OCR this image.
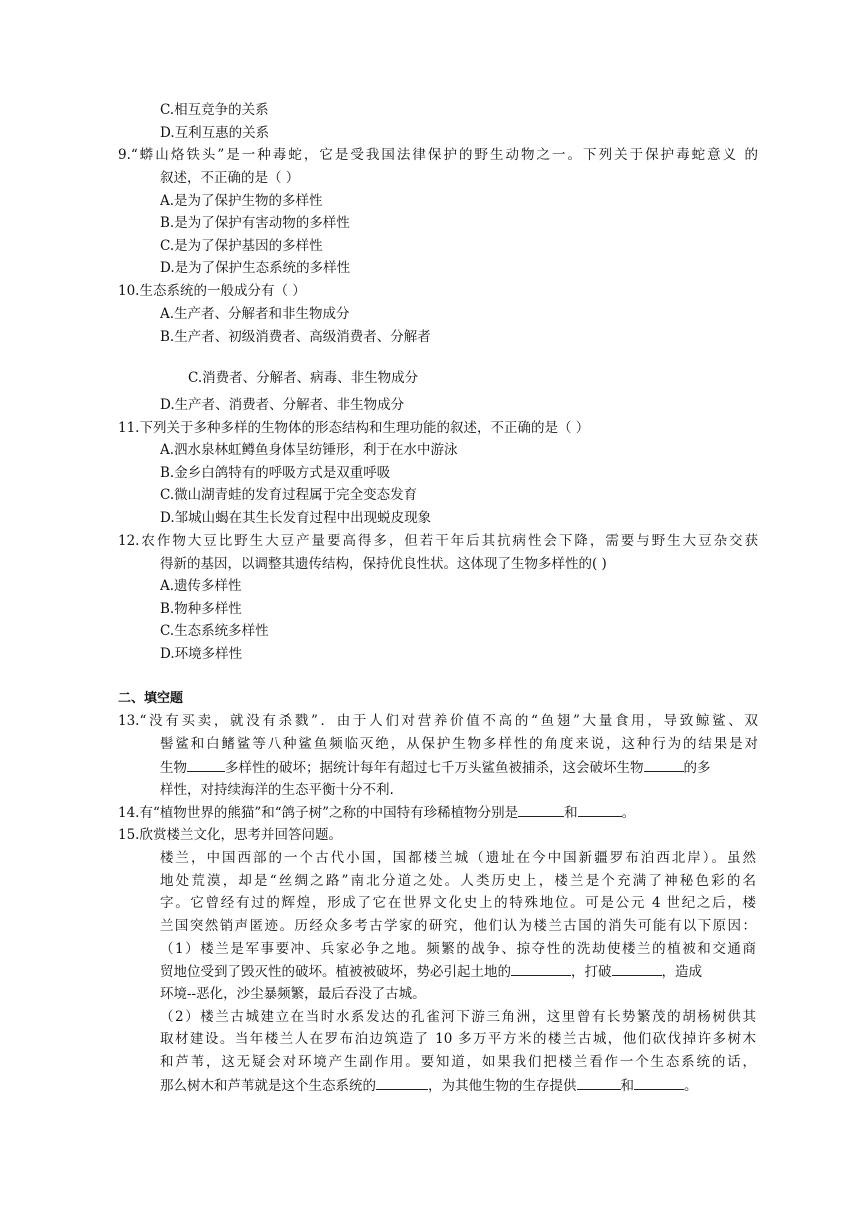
C.相互竞争的关系
D.互利互惠的关系
9.“蟒山烙铁头”是一种毒蛇，它是受我国法律保护的野生动物之一。下列关于保护毒蛇意义 的
叙述，不正确的是（ ）
A.是为了保护生物的多样性
B.是为了保护有害动物的多样性
C.是为了保护基因的多样性
D.是为了保护生态系统的多样性
10.生态系统的一般成分有（ ）
A.生产者、分解者和非生物成分
B.生产者、初级消费者、高级消费者、分解者
C.消费者、分解者、病毒、非生物成分
D.生产者、消费者、分解者、非生物成分
11.下列关于多种多样的生物体的形态结构和生理功能的叙述，不正确的是（ ）
A.泗水泉林虹鳟鱼身体呈纺锤形，利于在水中游泳
B.金乡白鸽特有的呼吸方式是双重呼吸
C.微山湖青蛙的发育过程属于完全变态发育
D.邹城山蝎在其生长发育过程中出现蜕皮现象
12.农作物大豆比野生大豆产量要高得多，但若干年后其抗病性会下降，需要与野生大豆杂交获
得新的基因，以调整其遗传结构，保持优良性状。这体现了生物多样性的( )
A.遗传多样性
B.物种多样性
C.生态系统多样性
D.环境多样性
二、填空题
13.“没有买卖，就没有杀戮”．由于人们对营养价值不高的“鱼翅”大量食用，导致鲸鲨、双
髻鲨和白鳍鲨等八种鲨鱼频临灭绝，从保护生物多样性的角度来说，这种行为的结果是对
生物	多样性的破坏；据统计每年有超过七千万头鲨鱼被捕杀，这会破坏生物	的多
样性，对持续海洋的生态平衡十分不利.
14.有“植物世界的熊猫”和“鸽子树”之称的中国特有珍稀植物分别是	和	。
15.欣赏楼兰文化，思考并回答问题。
楼兰，中国西部的一个古代小国，国都楼兰城（遗址在今中国新疆罗布泊西北岸）。虽然
地处荒漠，却是“丝绸之路”南北分道之处。人类历史上，楼兰是个充满了神秘色彩的名
字。它曾经有过的辉煌，形成了它在世界文化史上的特殊地位。可是公元 4 世纪之后，楼
兰国突然销声匿迹。历经众多考古学家的研究，他们认为楼兰古国的消失可能有以下原因：
（1）楼兰是军事要冲、兵家必争之地。频繁的战争、掠夺性的洗劫使楼兰的植被和交通商
贸地位受到了毁灭性的破坏。植被被破坏，势必引起土地的	，打破	，造成
环境--恶化，沙尘暴频繁，最后吞没了古城。
（2）楼兰古城建立在当时水系发达的孔雀河下游三角洲，这里曾有长势繁茂的胡杨树供其
取材建设。当年楼兰人在罗布泊边筑造了 10 多万平方米的楼兰古城，他们砍伐掉许多树木
和芦苇，这无疑会对环境产生副作用。要知道，如果我们把楼兰看作一个生态系统的话，
那么树木和芦苇就是这个生态系统的	，为其他生物的生存提供	和	。
